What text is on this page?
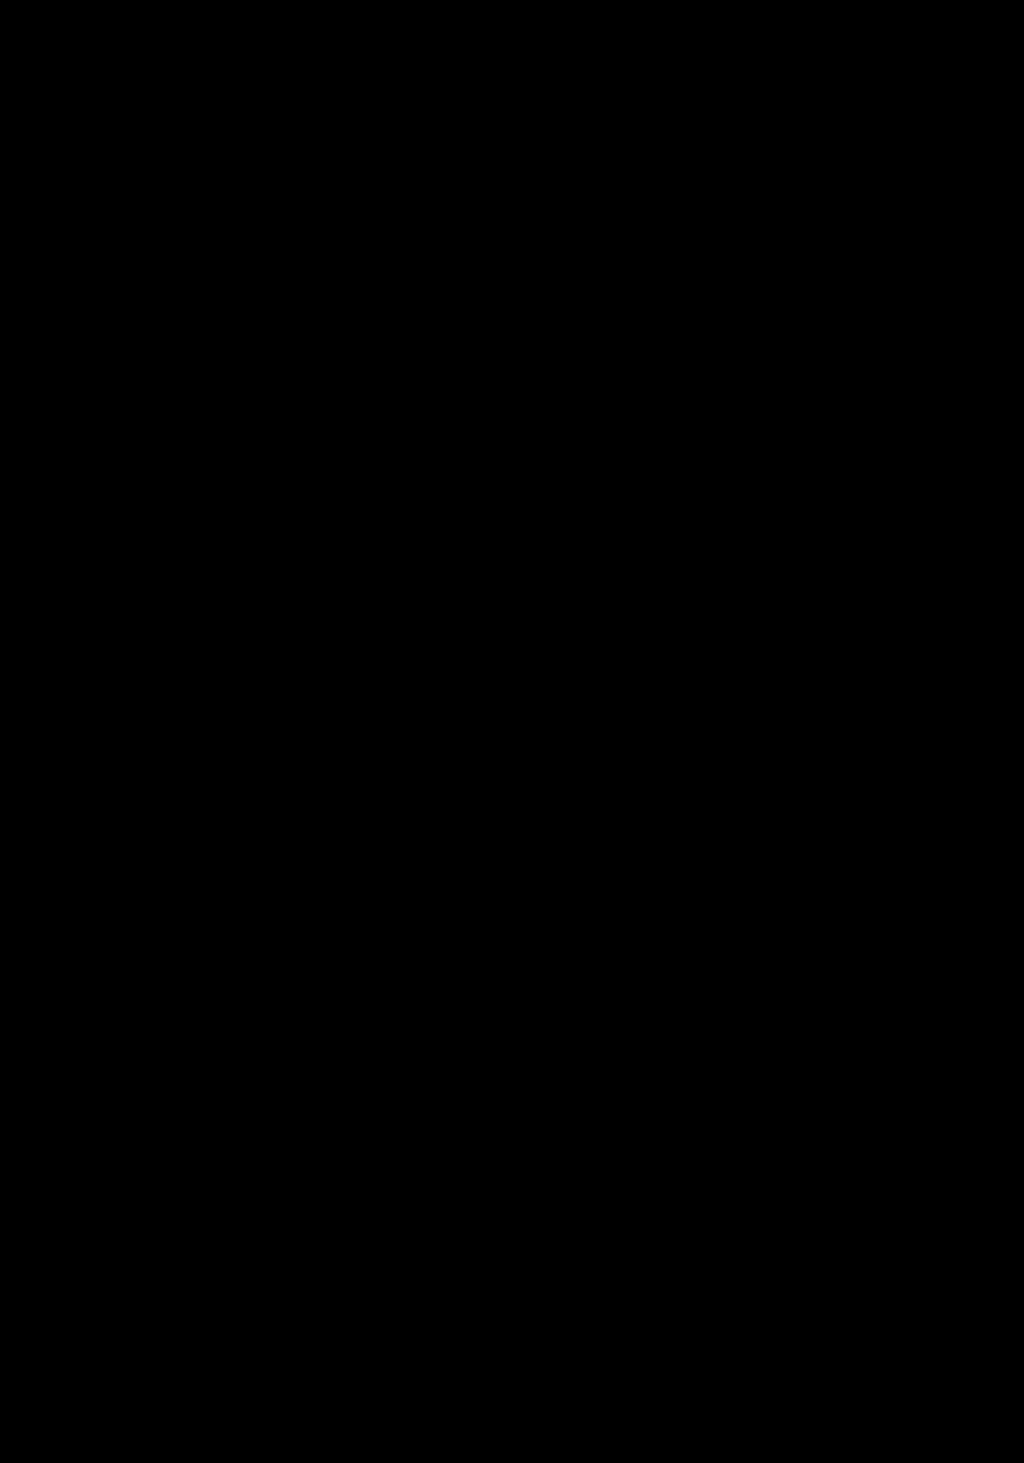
ΠΕΡΙΛΗΨΗ

Η ροή υγρού υμένα είναι ένα φαινόμενο που συναντάται σε πολλές τεχνολογικές εφαρμογές. Κυριότερο πεδίο εφαρμογής είναι οι συσκευές εναλλαγής θερμότητας ή μάζας.

Στην παρούσα διπλωματική εργασία, μελετάται η ροή υγρού υμένα πάνω από περιοδικά διαμορφωμένο τοίχωμα με σύστημα έγχυσης. Σκοπός, είναι η οπτικοποίηση της εξέλιξης του φαινομένου της διαμήκους και εγκάρσιας διάχυσης καθώς επίσης η παρατήρηση των σχηματιζόμενων ζωνών ανακυκλοφορίας στις κοιλότητες του τοιχώματος. Σε κανάλι ροής μήκους 0,8m, τοποθετήθηκε το περιοδικά διαμορφωμένο τοίχωμα. Έγινε διάνοιξη οπών και προσαρμόσθηκε το σύστημα έγχυσης το οποίο συνδέθηκε με δοσομετρική αντλία με δυνατότητα ρύθμισης της παροχής. Το φαινόμενο παρατηρήθηκε σε διάφορες συνθήκες ροής και η οπτικοποίησή του έγινε με χρήση βιντεοκάμερας.

Στα κεφάλαια της εργασίας, παρουσιάζεται η βιβλιογραφική ανασκόπηση της ροής του υγρού υμένα, η πειραματική διαδικασία που πραγματοποιήθηκε και παρατίθενται εικόνες από την οπτικοποίηση. Τέλος δίνονται τα συμπεράσματα που εξήχθησαν από την παρατήρηση και μελέτη του φαινομένου
